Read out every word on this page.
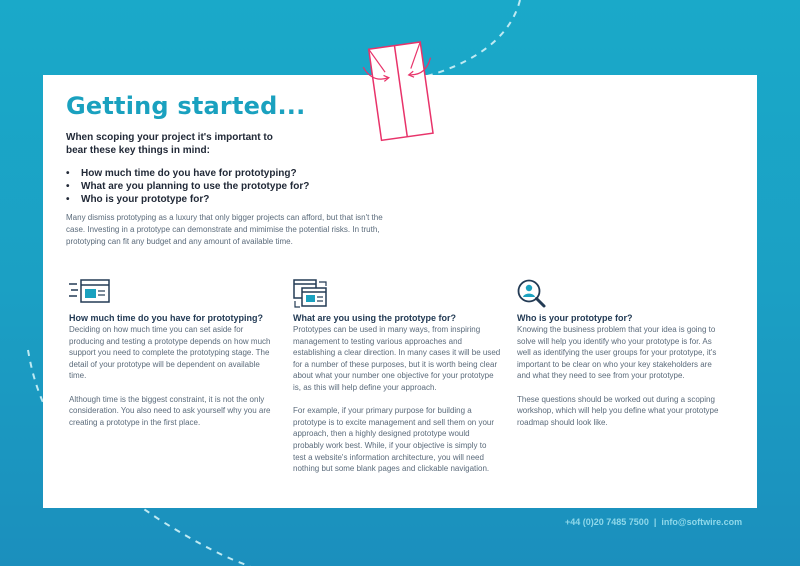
Getting started...

When scoping your project it's important to bear these key things in mind:

• How much time do you have for prototyping?
• What are you planning to use the prototype for?
• Who is your prototype for?

Many dismiss prototyping as a luxury that only bigger projects can afford, but that isn't the case. Investing in a prototype can demonstrate and mimimise the potential risks. In truth, prototyping can fit any budget and any amount of available time.

How much time do you have for prototyping?

Deciding on how much time you can set aside for producing and testing a prototype depends on how much support you need to complete the prototyping stage. The detail of your prototype will be dependent on available time.

Although time is the biggest constraint, it is not the only consideration. You also need to ask yourself why you are creating a prototype in the first place.

What are you using the prototype for?

Prototypes can be used in many ways, from inspiring management to testing various approaches and establishing a clear direction. In many cases it will be used for a number of these purposes, but it is worth being clear about what your number one objective for your prototype is, as this will help define your approach.

For example, if your primary purpose for building a prototype is to excite management and sell them on your approach, then a highly designed prototype would probably work best. While, if your objective is simply to test a website's information architecture, you will need nothing but some blank pages and clickable navigation.

Who is your prototype for?

Knowing the business problem that your idea is going to solve will help you identify who your prototype is for. As well as identifying the user groups for your prototype, it's important to be clear on who your key stakeholders are and what they need to see from your prototype.

These questions should be worked out during a scoping workshop, which will help you define what your prototype roadmap should look like.

+44 (0)20 7485 7500 | info@softwire.com
